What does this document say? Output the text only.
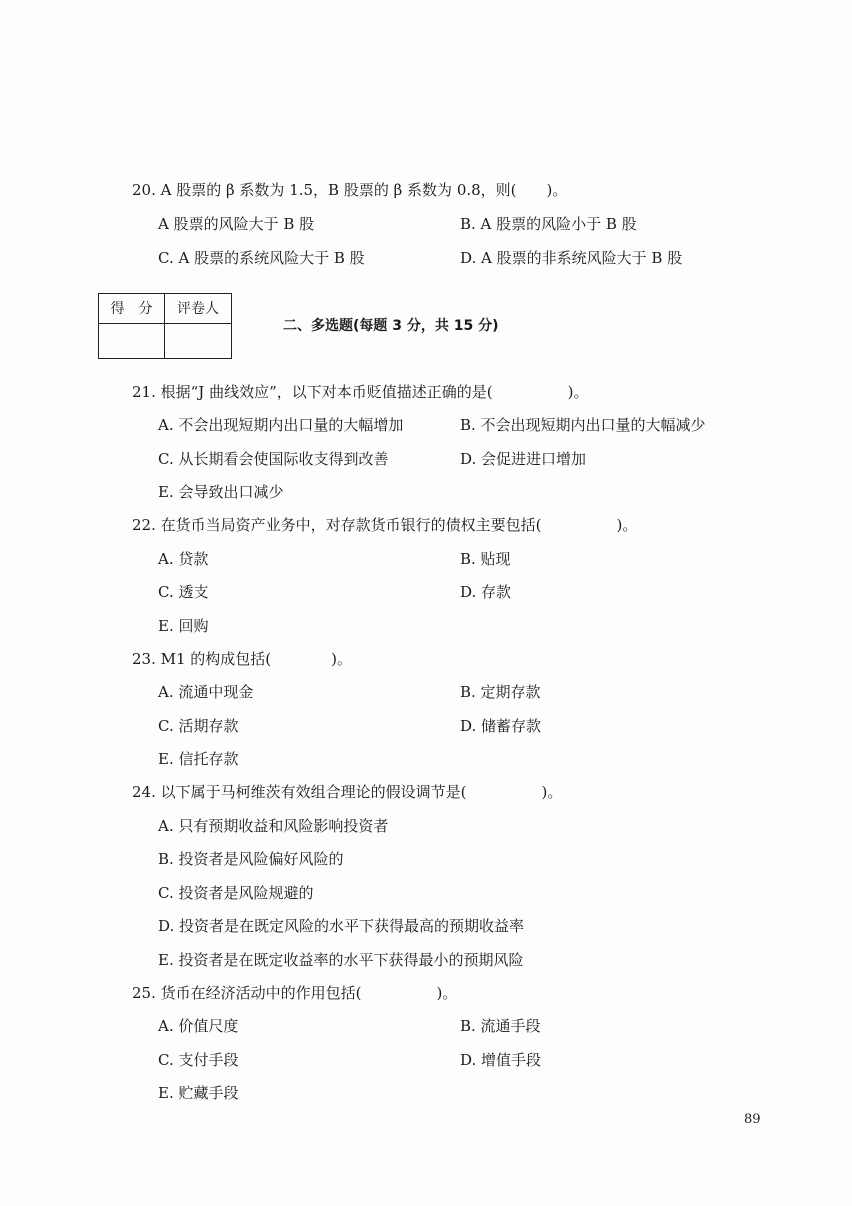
20. A 股票的 β 系数为 1.5，B 股票的 β 系数为 0.8，则(　　)。
A 股票的风险大于 B 股	B. A 股票的风险小于 B 股
C. A 股票的系统风险大于 B 股	D. A 股票的非系统风险大于 B 股
得　分	评卷人
二、多选题(每题 3 分，共 15 分)
21. 根据“J 曲线效应”，以下对本币贬值描述正确的是(　　　　　)。
A. 不会出现短期内出口量的大幅增加	B. 不会出现短期内出口量的大幅减少
C. 从长期看会使国际收支得到改善	D. 会促进进口增加
E. 会导致出口减少
22. 在货币当局资产业务中，对存款货币银行的债权主要包括(　　　　　)。
A. 贷款	B. 贴现
C. 透支	D. 存款
E. 回购
23. M1 的构成包括(　　　　)。
A. 流通中现金	B. 定期存款
C. 活期存款	D. 储蓄存款
E. 信托存款
24. 以下属于马柯维茨有效组合理论的假设调节是(　　　　　)。
A. 只有预期收益和风险影响投资者
B. 投资者是风险偏好风险的
C. 投资者是风险规避的
D. 投资者是在既定风险的水平下获得最高的预期收益率
E. 投资者是在既定收益率的水平下获得最小的预期风险
25. 货币在经济活动中的作用包括(　　　　　)。
A. 价值尺度	B. 流通手段
C. 支付手段	D. 增值手段
E. 贮藏手段
89
